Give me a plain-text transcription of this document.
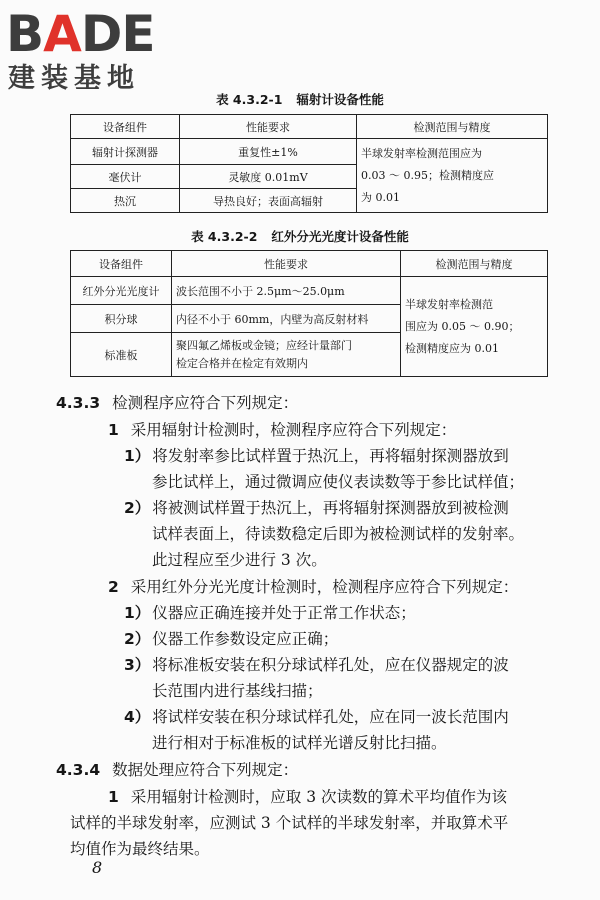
BADE
建装基地
表 4.3.2-1 辐射计设备性能
设备组件	性能要求	检测范围与精度
辐射计探测器	重复性±1%	半球发射率检测范围应为
0.03 ～ 0.95；检测精度应
为 0.01

毫伏计	灵敏度 0.01mV	
热沉	导热良好；表面高辐射	
表 4.3.2-2 红外分光光度计设备性能
设备组件	性能要求	检测范围与精度
红外分光光度计	波长范围不小于 2.5μm～25.0μm	半球发射率检测范
围应为 0.05 ～ 0.90；
检测精度应为 0.01

积分球	内径不小于 60mm，内壁为高反射材料	
标准板	聚四氟乙烯板或金镜；应经计量部门
检定合格并在检定有效期内	
4.3.3 检测程序应符合下列规定：
1 采用辐射计检测时，检测程序应符合下列规定：
1） 将发射率参比试样置于热沉上，再将辐射探测器放到
参比试样上，通过微调应使仪表读数等于参比试样值；
2） 将被测试样置于热沉上，再将辐射探测器放到被检测
试样表面上，待读数稳定后即为被检测试样的发射率。
此过程应至少进行 3 次。
2 采用红外分光光度计检测时，检测程序应符合下列规定：
1） 仪器应正确连接并处于正常工作状态；
2） 仪器工作参数设定应正确；
3） 将标准板安装在积分球试样孔处，应在仪器规定的波
长范围内进行基线扫描；
4） 将试样安装在积分球试样孔处，应在同一波长范围内
进行相对于标准板的试样光谱反射比扫描。
4.3.4 数据处理应符合下列规定：
1 采用辐射计检测时，应取 3 次读数的算术平均值作为该
试样的半球发射率，应测试 3 个试样的半球发射率，并取算术平
均值作为最终结果。
8
